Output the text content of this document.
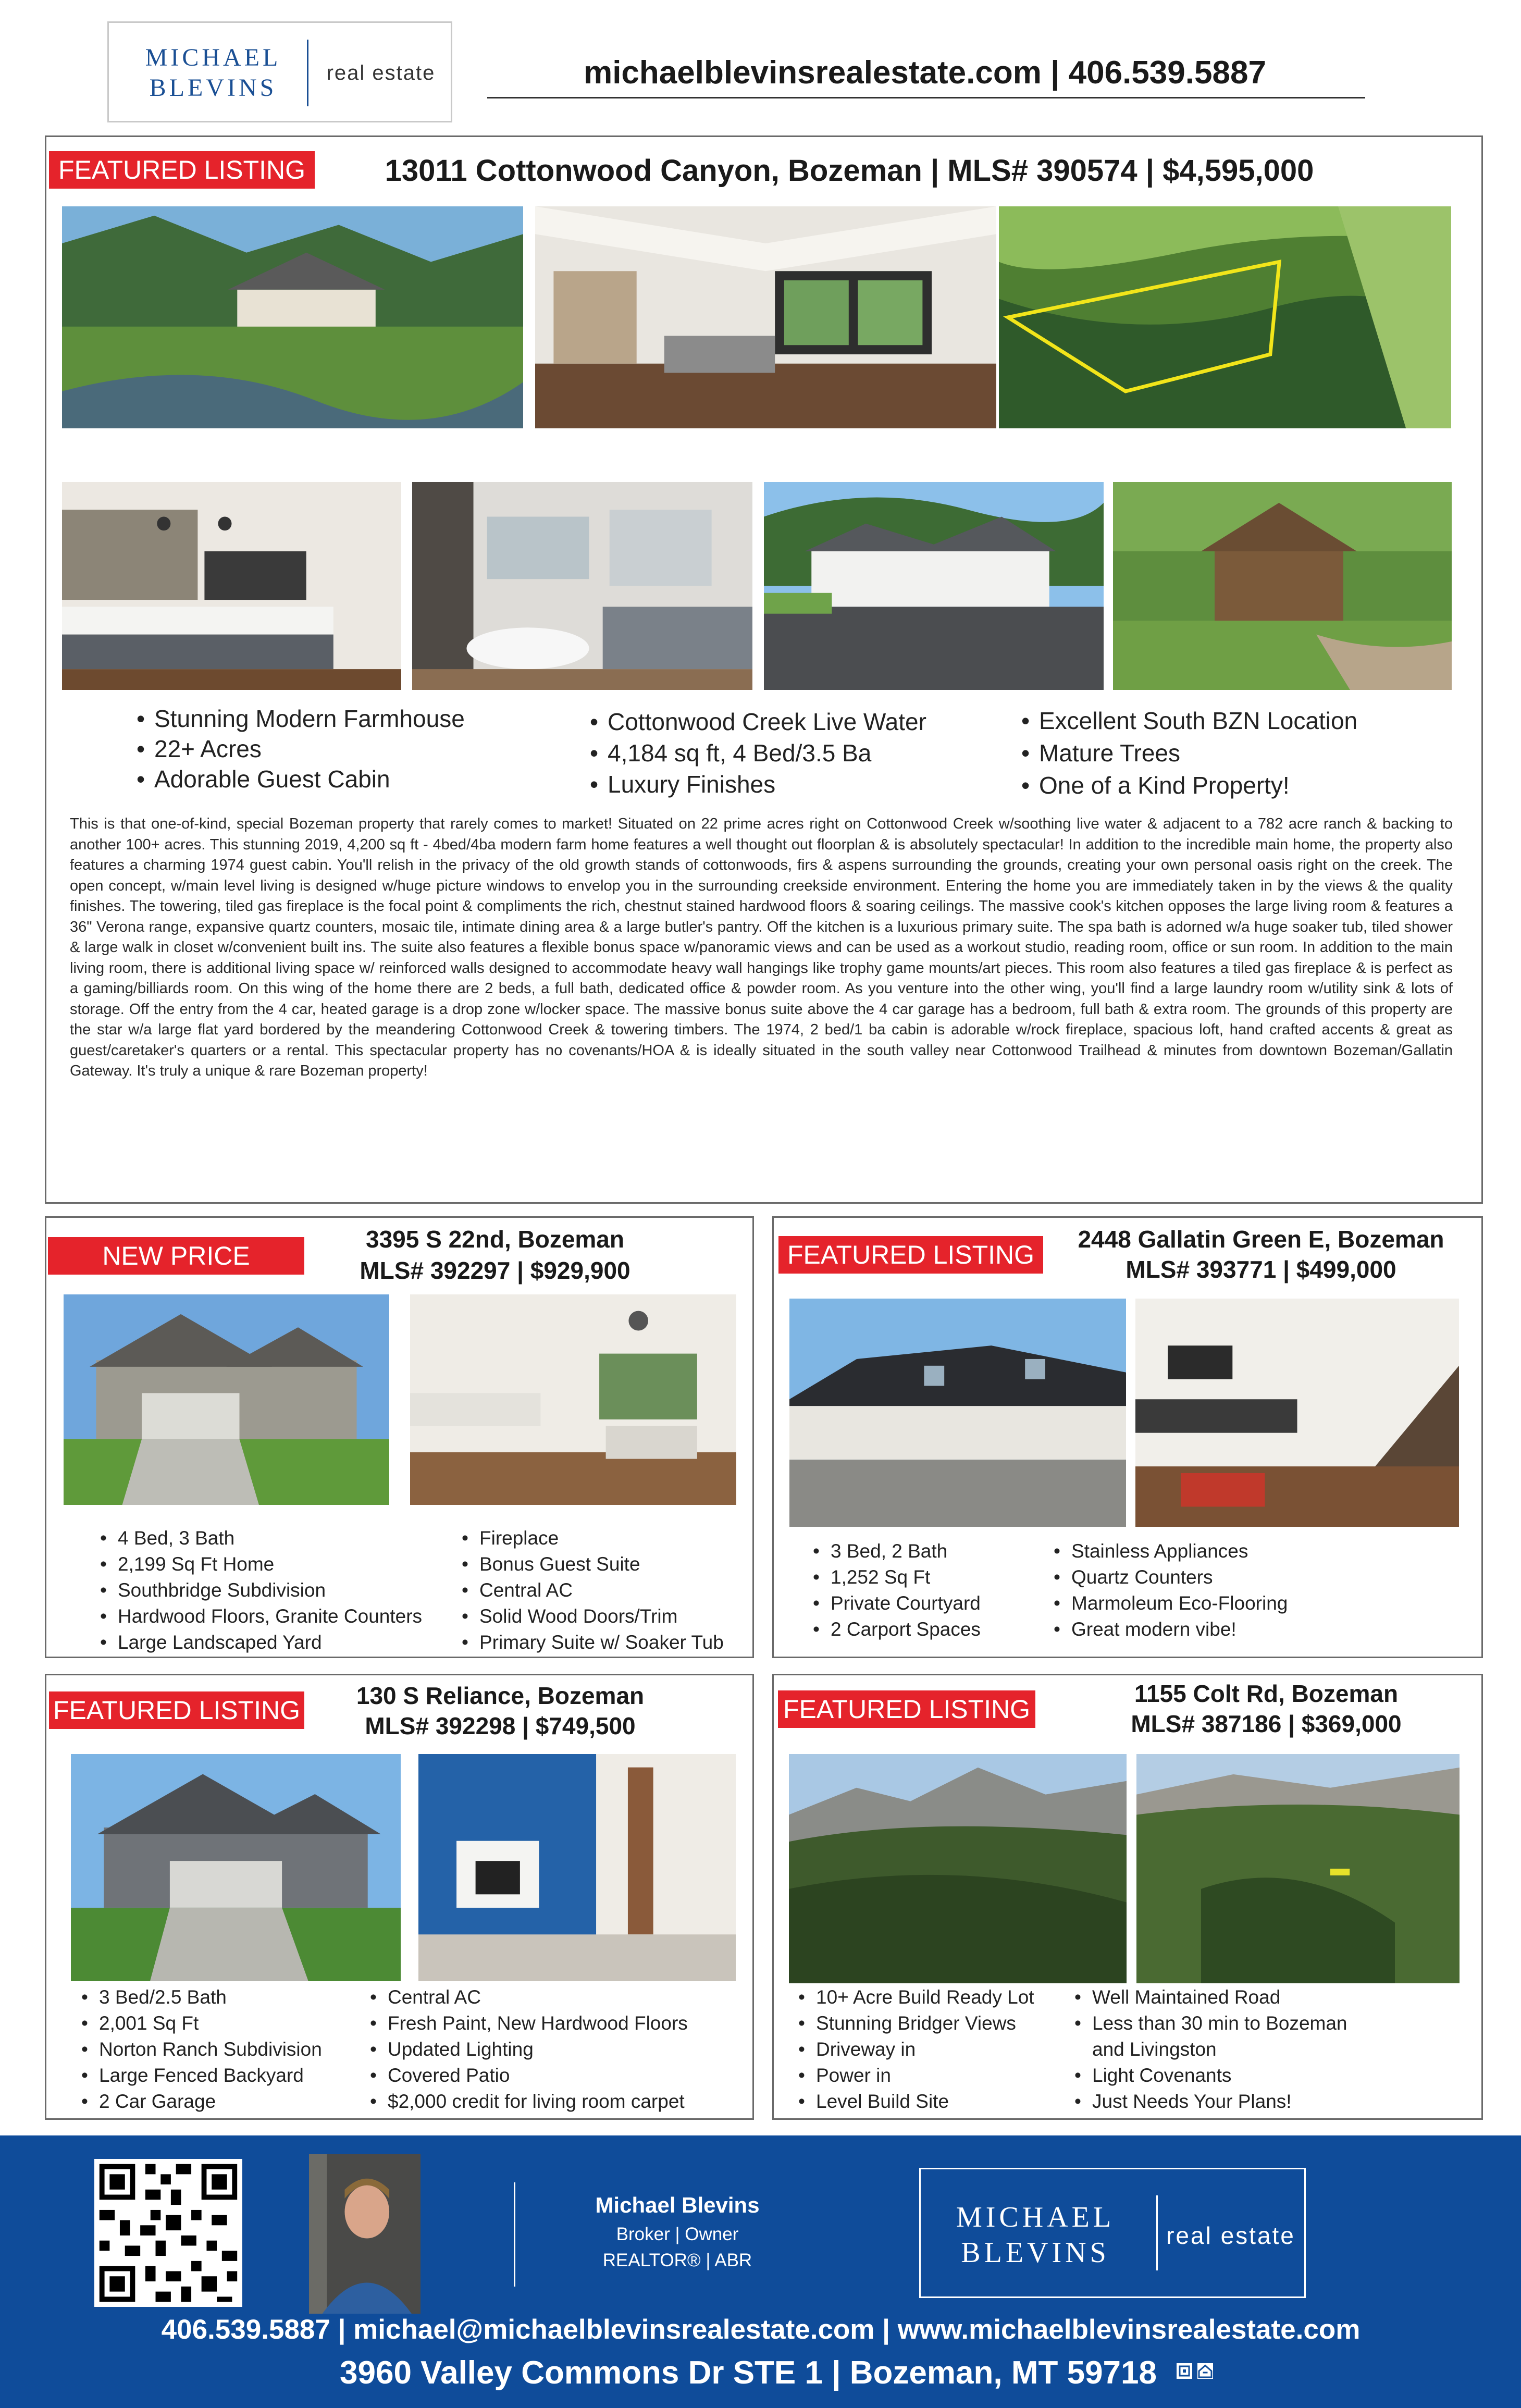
MICHAEL BLEVINS
real estate	michaelblevinsrealestate.com | 406.539.5887
FEATURED LISTING	13011 Cottonwood Canyon, Bozeman | MLS# 390574 | $4,595,000
• Stunning Modern Farmhouse
• 22+ Acres
• Adorable Guest Cabin
• Cottonwood Creek Live Water
• 4,184 sq ft, 4 Bed/3.5 Ba
• Luxury Finishes
• Excellent South BZN Location
• Mature Trees
• One of a Kind Property!
This is that one-of-kind, special Bozeman property that rarely comes to market! Situated on 22 prime acres right on Cottonwood Creek w/soothing live water & adjacent to a 782 acre ranch & backing to another 100+ acres. This stunning 2019, 4,200 sq ft - 4bed/4ba modern farm home features a well thought out floorplan & is absolutely spectacular! In addition to the incredible main home, the property also features a charming 1974 guest cabin. You'll relish in the privacy of the old growth stands of cottonwoods, firs & aspens surrounding the grounds, creating your own personal oasis right on the creek. The open concept, w/main level living is designed w/huge picture windows to envelop you in the surrounding creekside environment. Entering the home you are immediately taken in by the views & the quality finishes. The towering, tiled gas fireplace is the focal point & compliments the rich, chestnut stained hardwood floors & soaring ceilings. The massive cook's kitchen opposes the large living room & features a 36" Verona range, expansive quartz counters, mosaic tile, intimate dining area & a large butler's pantry. Off the kitchen is a luxurious primary suite. The spa bath is adorned w/a huge soaker tub, tiled shower & large walk in closet w/convenient built ins. The suite also features a flexible bonus space w/panoramic views and can be used as a workout studio, reading room, office or sun room. In addition to the main living room, there is additional living space w/ reinforced walls designed to accommodate heavy wall hangings like trophy game mounts/art pieces. This room also features a tiled gas fireplace & is perfect as a gaming/billiards room. On this wing of the home there are 2 beds, a full bath, dedicated office & powder room. As you venture into the other wing, you'll find a large laundry room w/utility sink & lots of storage. Off the entry from the 4 car, heated garage is a drop zone w/locker space. The massive bonus suite above the 4 car garage has a bedroom, full bath & extra room. The grounds of this property are the star w/a large flat yard bordered by the meandering Cottonwood Creek & towering timbers. The 1974, 2 bed/1 ba cabin is adorable w/rock fireplace, spacious loft, hand crafted accents & great as guest/caretaker's quarters or a rental. This spectacular property has no covenants/HOA & is ideally situated in the south valley near Cottonwood Trailhead & minutes from downtown Bozeman/Gallatin Gateway. It's truly a unique & rare Bozeman property!
NEW PRICE
3395 S 22nd, Bozeman
MLS# 392297 | $929,900
• 4 Bed, 3 Bath
• 2,199 Sq Ft Home
• Southbridge Subdivision
• Hardwood Floors, Granite Counters
• Large Landscaped Yard
• Fireplace
• Bonus Guest Suite
• Central AC
• Solid Wood Doors/Trim
• Primary Suite w/ Soaker Tub
FEATURED LISTING
2448 Gallatin Green E, Bozeman
MLS# 393771 | $499,000
• 3 Bed, 2 Bath
• 1,252 Sq Ft
• Private Courtyard
• 2 Carport Spaces
• Stainless Appliances
• Quartz Counters
• Marmoleum Eco-Flooring
• Great modern vibe!
FEATURED LISTING	130 S Reliance, Bozeman
MLS# 392298 | $749,500
• 3 Bed/2.5 Bath
• 2,001 Sq Ft
• Norton Ranch Subdivision
• Large Fenced Backyard
• 2 Car Garage
• Central AC
• Fresh Paint, New Hardwood Floors
• Updated Lighting
• Covered Patio
• $2,000 credit for living room carpet
FEATURED LISTING
1155 Colt Rd, Bozeman
MLS# 387186 | $369,000
• 10+ Acre Build Ready Lot
• Stunning Bridger Views
• Driveway in
• Power in
• Level Build Site
• Well Maintained Road
• Less than 30 min to Bozeman and Livingston
• Light Covenants
• Just Needs Your Plans!
Michael Blevins
Broker | Owner
REALTOR® | ABR
MICHAEL BLEVINS
real estate
406.539.5887 | michael@michaelblevinsrealestate.com | www.michaelblevinsrealestate.com
3960 Valley Commons Dr STE 1 | Bozeman, MT 59718
